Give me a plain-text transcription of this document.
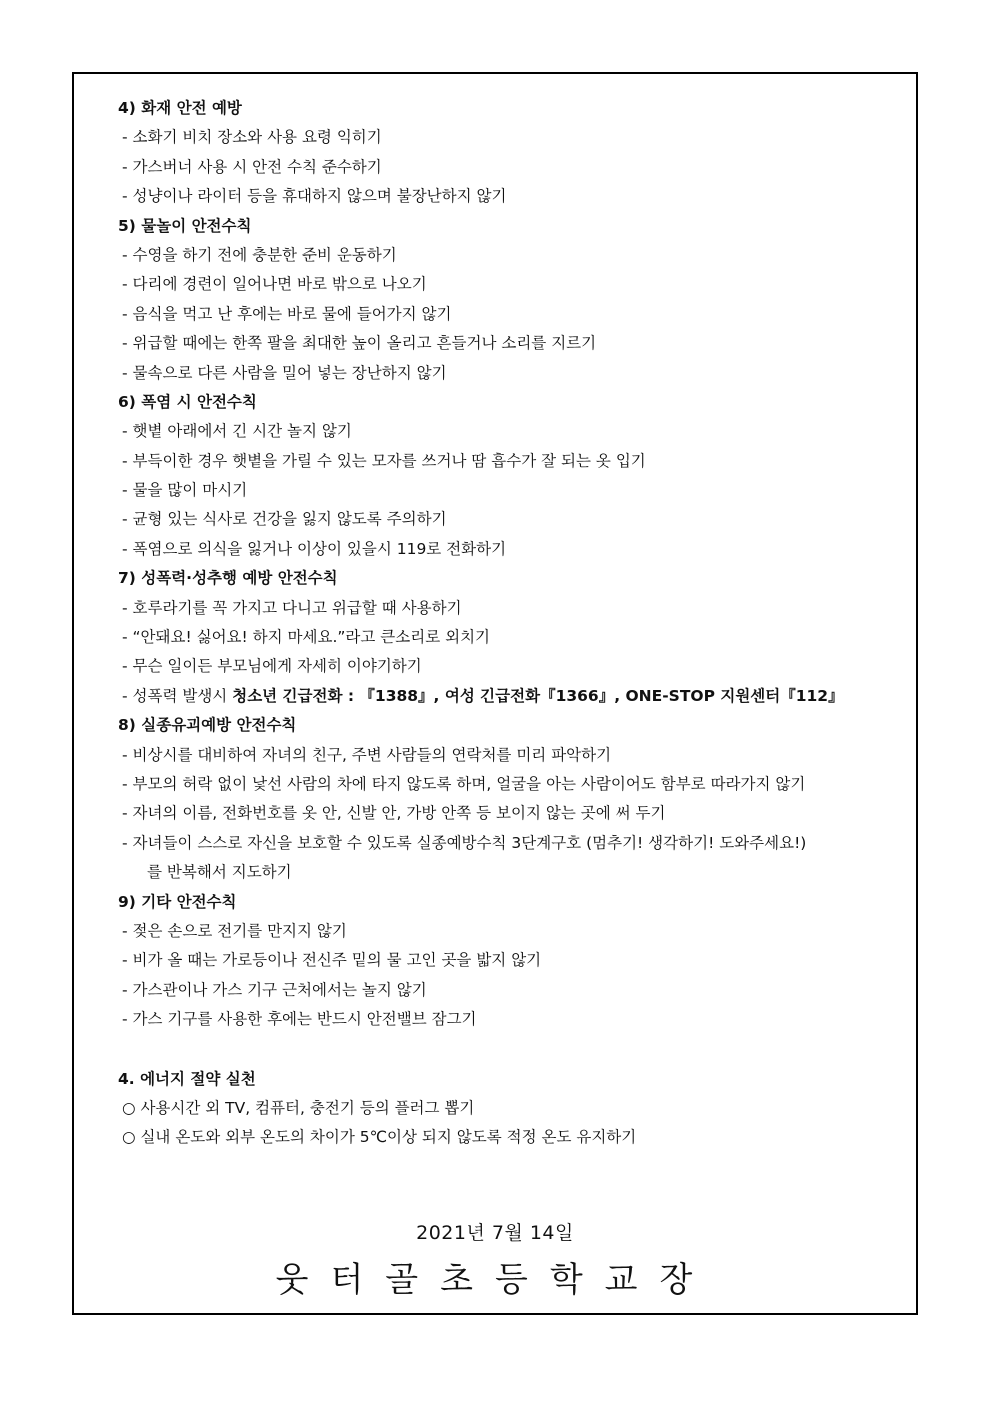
4) 화재 안전 예방
- 소화기 비치 장소와 사용 요령 익히기
- 가스버너 사용 시 안전 수칙 준수하기
- 성냥이나 라이터 등을 휴대하지 않으며 불장난하지 않기
5) 물놀이 안전수칙
- 수영을 하기 전에 충분한 준비 운동하기
- 다리에 경련이 일어나면 바로 밖으로 나오기
- 음식을 먹고 난 후에는 바로 물에 들어가지 않기
- 위급할 때에는 한쪽 팔을 최대한 높이 올리고 흔들거나 소리를 지르기
- 물속으로 다른 사람을 밀어 넣는 장난하지 않기
6) 폭염 시 안전수칙
- 햇볕 아래에서 긴 시간 놀지 않기
- 부득이한 경우 햇볕을 가릴 수 있는 모자를 쓰거나 땀 흡수가 잘 되는 옷 입기
- 물을 많이 마시기
- 균형 있는 식사로 건강을 잃지 않도록 주의하기
- 폭염으로 의식을 잃거나 이상이 있을시 119로 전화하기
7) 성폭력·성추행 예방 안전수칙
- 호루라기를 꼭 가지고 다니고 위급할 때 사용하기
- “안돼요! 싫어요! 하지 마세요.”라고 큰소리로 외치기
- 무슨 일이든 부모님에게 자세히 이야기하기
- 성폭력 발생시 청소년 긴급전화 : 『1388』, 여성 긴급전화『1366』, ONE-STOP 지원센터『112』
8) 실종유괴예방 안전수칙
- 비상시를 대비하여 자녀의 친구, 주변 사람들의 연락처를 미리 파악하기
- 부모의 허락 없이 낯선 사람의 차에 타지 않도록 하며, 얼굴을 아는 사람이어도 함부로 따라가지 않기
- 자녀의 이름, 전화번호를 옷 안, 신발 안, 가방 안쪽 등 보이지 않는 곳에 써 두기
- 자녀들이 스스로 자신을 보호할 수 있도록 실종예방수칙 3단계구호 (멈추기! 생각하기! 도와주세요!)
를 반복해서 지도하기
9) 기타 안전수칙
- 젖은 손으로 전기를 만지지 않기
- 비가 올 때는 가로등이나 전신주 밑의 물 고인 곳을 밟지 않기
- 가스관이나 가스 기구 근처에서는 놀지 않기
- 가스 기구를 사용한 후에는 반드시 안전밸브 잠그기
4. 에너지 절약 실천
○ 사용시간 외 TV, 컴퓨터, 충전기 등의 플러그 뽑기
○ 실내 온도와 외부 온도의 차이가 5℃이상 되지 않도록 적정 온도 유지하기
2021년 7월 14일
웃터골초등학교장
